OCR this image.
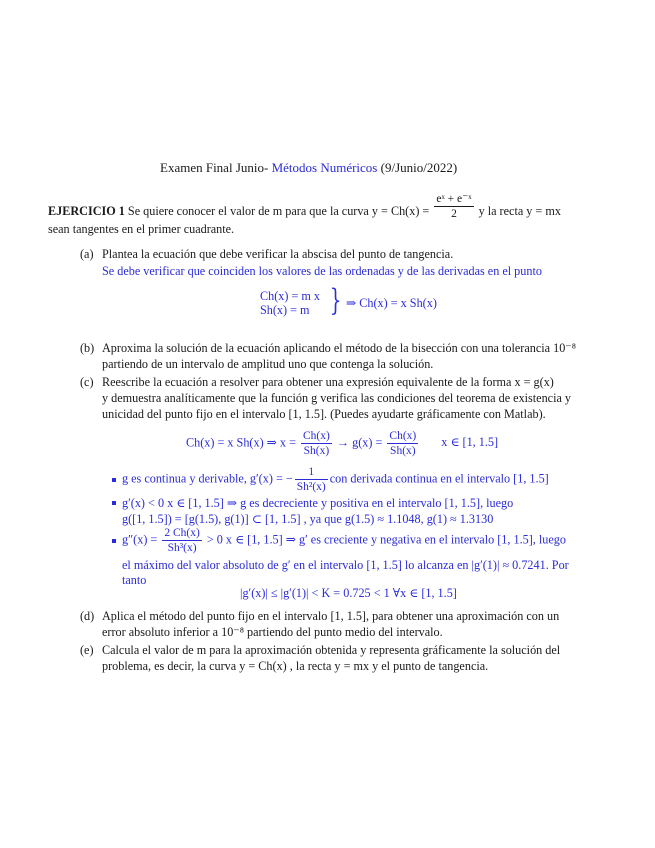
Examen Final Junio- Métodos Numéricos (9/Junio/2022)
EJERCICIO 1 Se quiere conocer el valor de m para que la curva $y = Ch(x) = \frac{\text{eˣ + e⁻ˣ}}{2}$ y la recta y = mx
sean tangentes en el primer cuadrante.
(a) Plantea la ecuación que debe verificar la abscisa del punto de tangencia.
Se debe verificar que coinciden los valores de las ordenadas y de las derivadas en el punto
Ch(x) = m x
Sh(x) = m } ⇒ Ch(x) = x Sh(x)
(b) Aproxima la solución de la ecuación aplicando el método de la bisección con una tolerancia 10⁻⁸
partiendo de un intervalo de amplitud uno que contenga la solución.
(c) Reescribe la ecuación a resolver para obtener una expresión equivalente de la forma x = g(x)
y demuestra analíticamente que la función g verifica las condiciones del teorema de existencia y
unicidad del punto fijo en el intervalo [1, 1.5]. (Puedes ayudarte gráficamente con Matlab).
Ch(x) = x Sh(x) ⇒ $x = \frac{Ch(x)}{Sh(x)} \to g(x) = \frac{Ch(x)}{Sh(x)}$ x ∈ [1, 1.5]
g es continua y derivable, g′(x) = − $\frac{1}{\text{Sh²(x)}}$ con derivada continua en el intervalo [1, 1.5]
g′(x) < 0 x ∈ [1, 1.5] ⇒ g es decreciente y positiva en el intervalo [1, 1.5], luego
g([1, 1.5]) = [g(1.5), g(1)] ⊂ [1, 1.5] , ya que g(1.5) ≈ 1.1048, g(1) ≈ 1.3130
$g''(x) = \frac{2 Ch(x)}{\text{Sh³(x)}} > 0$ x ∈ [1, 1.5] ⇒ g′ es creciente y negativa en el intervalo [1, 1.5], luego
el máximo del valor absoluto de g′ en el intervalo [1, 1.5] lo alcanza en |g′(1)| ≈ 0.7241. Por
tanto
|g′(x)| ≤ |g′(1)| < K = 0.725 < 1 ∀x ∈ [1, 1.5]
(d) Aplica el método del punto fijo en el intervalo [1, 1.5], para obtener una aproximación con un
error absoluto inferior a 10⁻⁸ partiendo del punto medio del intervalo.
(e) Calcula el valor de m para la aproximación obtenida y representa gráficamente la solución del
problema, es decir, la curva y = Ch(x) , la recta y = mx y el punto de tangencia.
